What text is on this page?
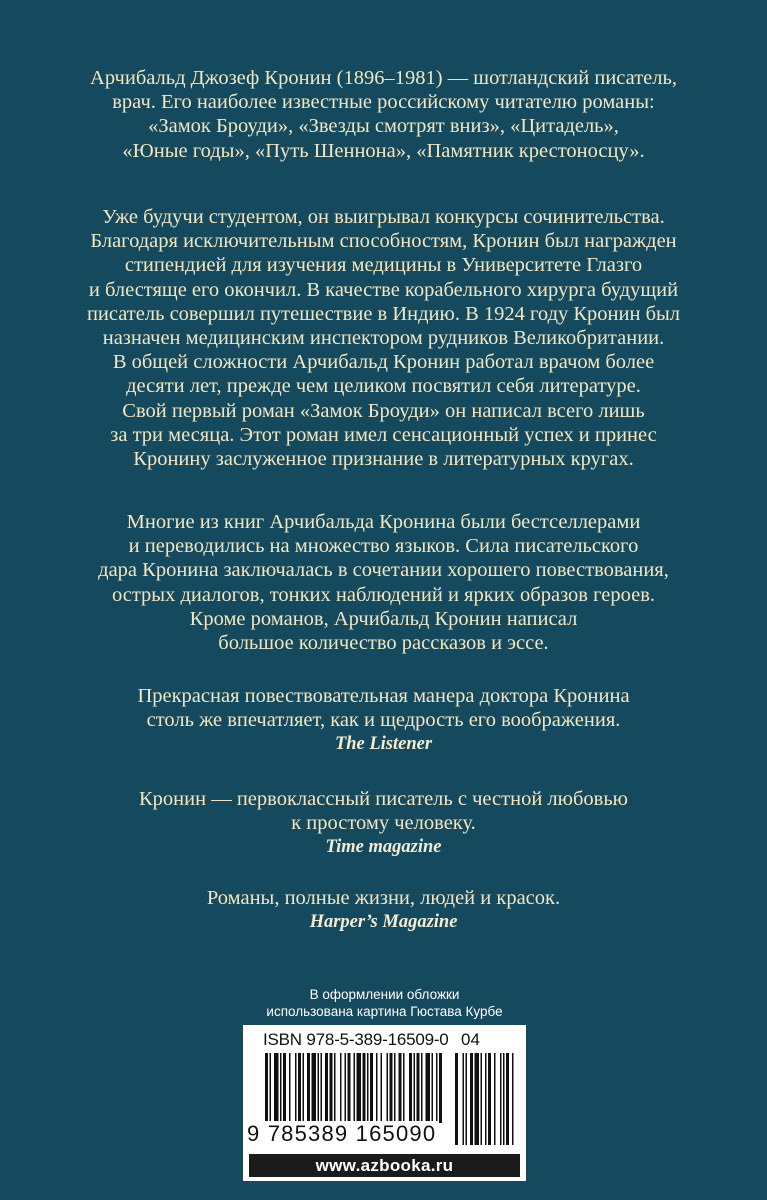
Арчибальд Джозеф Кронин (1896–1981) — шотландский писатель,
врач. Его наиболее известные российскому читателю романы:
«Замок Броуди», «Звезды смотрят вниз», «Цитадель»,
«Юные годы», «Путь Шеннона», «Памятник крестоносцу».
Уже будучи студентом, он выигрывал конкурсы сочинительства.
Благодаря исключительным способностям, Кронин был награжден
стипендией для изучения медицины в Университете Глазго
и блестяще его окончил. В качестве корабельного хирурга будущий
писатель совершил путешествие в Индию. В 1924 году Кронин был
назначен медицинским инспектором рудников Великобритании.
В общей сложности Арчибальд Кронин работал врачом более
десяти лет, прежде чем целиком посвятил себя литературе.
Свой первый роман «Замок Броуди» он написал всего лишь
за три месяца. Этот роман имел сенсационный успех и принес
Кронину заслуженное признание в литературных кругах.
Многие из книг Арчибальда Кронина были бестселлерами
и переводились на множество языков. Сила писательского
дара Кронина заключалась в сочетании хорошего повествования,
острых диалогов, тонких наблюдений и ярких образов героев.
Кроме романов, Арчибальд Кронин написал
большое количество рассказов и эссе.
Прекрасная повествовательная манера доктора Кронина
столь же впечатляет, как и щедрость его воображения.
The Listener
Кронин — первоклассный писатель с честной любовью
к простому человеку.
Time magazine
Романы, полные жизни, людей и красок.
Harper’s Magazine
В оформлении обложки
использована картина Гюстава Курбе
ISBN 978-5-389-16509-0 04
9 785389 165090
www.azbooka.ru
